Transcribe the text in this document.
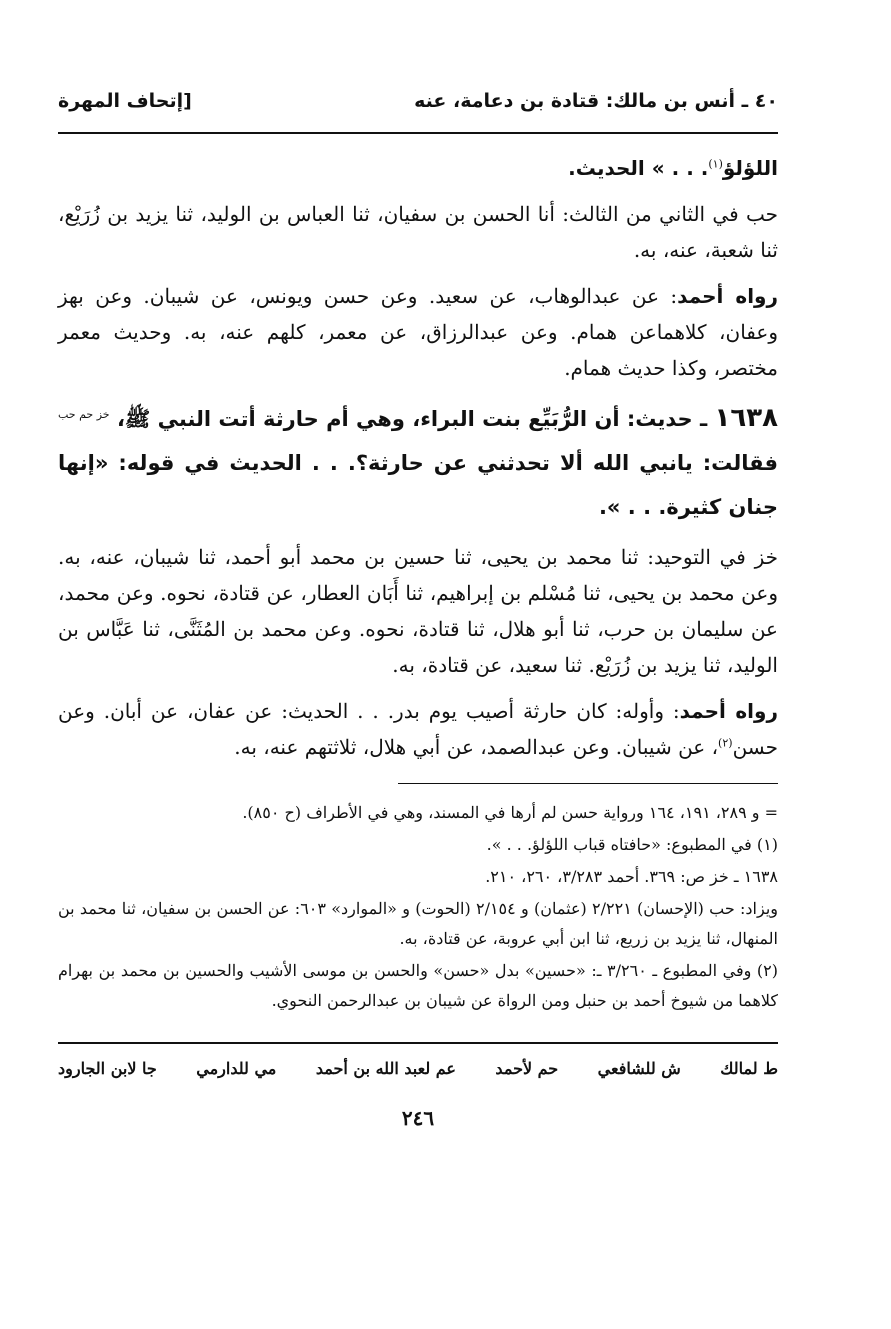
٤٠ ـ أنس بن مالك: قتادة بن دعامة، عنه
[إتحاف المهرة

اللؤلؤ$^{(١)}$. . . » الحديث.

حب في الثاني من الثالث: أنا الحسن بن سفيان، ثنا العباس بن الوليد، ثنا يزيد بن زُرَيْع، ثنا شعبة، عنه، به.

رواه أحمد: عن عبدالوهاب، عن سعيد. وعن حسن ويونس، عن شيبان. وعن بهز وعفان، كلاهماعن همام. وعن عبدالرزاق، عن معمر، كلهم عنه، به. وحديث معمر مختصر، وكذا حديث همام.

١٦٣٨ ـ حديث: أن الرُّبَيِّع بنت البراء، وهي أم حارثة أتت النبي ﷺ، $^{خز حم حب}$ فقالت: يانبي الله ألا تحدثني عن حارثة؟. . . الحديث في قوله: «إنها جنان كثيرة. . . ».

خز في التوحيد: ثنا محمد بن يحيى، ثنا حسين بن محمد أبو أحمد، ثنا شيبان، عنه، به. وعن محمد بن يحيى، ثنا مُسْلم بن إبراهيم، ثنا أَبَان العطار، عن قتادة، نحوه. وعن محمد، عن سليمان بن حرب، ثنا أبو هلال، ثنا قتادة، نحوه. وعن محمد بن المُثَنَّى، ثنا عَبَّاس بن الوليد، ثنا يزيد بن زُرَيْع. ثنا سعيد، عن قتادة، به.

رواه أحمد: وأوله: كان حارثة أصيب يوم بدر. . . الحديث: عن عفان، عن أبان. وعن حسن$^{(٢)}$، عن شيبان. وعن عبدالصمد، عن أبي هلال، ثلاثتهم عنه، به.

= و ٢٨٩، ١٩١، ١٦٤ ورواية حسن لم أرها في المسند، وهي في الأطراف (ح ٨٥٠).

(١) في المطبوع: «حافتاه قباب اللؤلؤ. . . ».

١٦٣٨ ـ خز ص: ٣٦٩. أحمد ٣/٢٨٣، ٢٦٠، ٢١٠.

ويزاد: حب (الإحسان) ٢/٢٢١ (عثمان) و ٢/١٥٤ (الحوت) و «الموارد» ٦٠٣: عن الحسن بن سفيان، ثنا محمد بن المنهال، ثنا يزيد بن زريع، ثنا ابن أبي عروبة، عن قتادة، به.

(٢) وفي المطبوع ـ ٣/٢٦٠ ـ: «حسين» بدل «حسن» والحسن بن موسى الأشيب والحسين بن محمد بن بهرام كلاهما من شيوخ أحمد بن حنبل ومن الرواة عن شيبان بن عبدالرحمن النحوي.

ط لمالك
ش للشافعي
حم لأحمد
عم لعبد الله بن أحمد
مي للدارمي
جا لابن الجارود
٢٤٦
